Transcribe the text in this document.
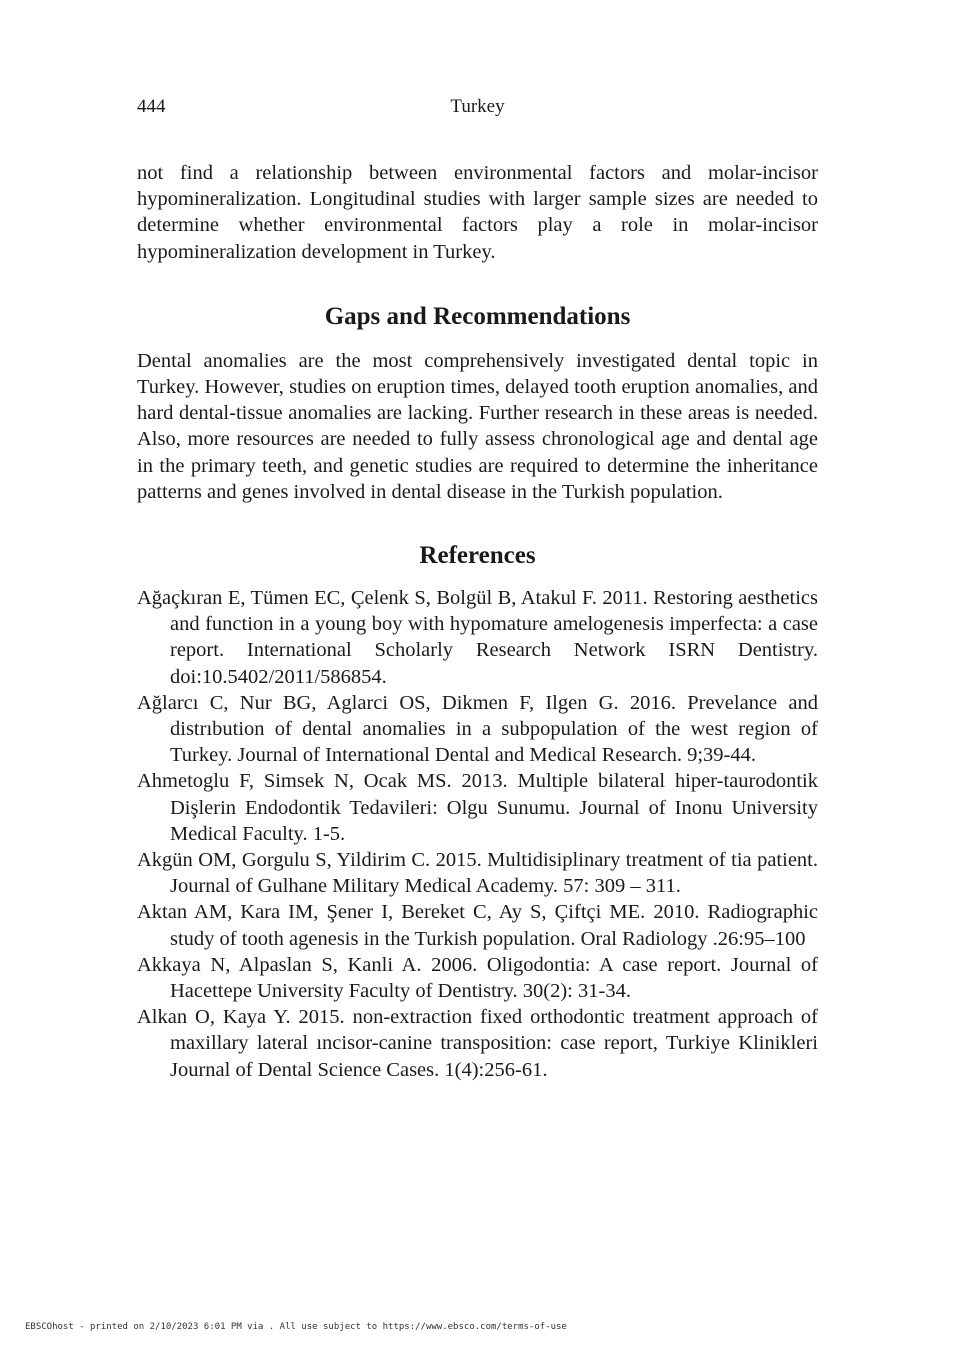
444	Turkey

not find a relationship between environmental factors and molar-incisor hypomineralization. Longitudinal studies with larger sample sizes are needed to determine whether environmental factors play a role in molar-incisor hypomineralization development in Turkey.

Gaps and Recommendations

Dental anomalies are the most comprehensively investigated dental topic in Turkey. However, studies on eruption times, delayed tooth eruption anomalies, and hard dental-tissue anomalies are lacking. Further research in these areas is needed. Also, more resources are needed to fully assess chronological age and dental age in the primary teeth, and genetic studies are required to determine the inheritance patterns and genes involved in dental disease in the Turkish population.

References
Ağaçkıran E, Tümen EC, Çelenk S, Bolgül B, Atakul F. 2011. Restoring aesthetics and function in a young boy with hypomature amelogenesis imperfecta: a case report. International Scholarly Research Network ISRN Dentistry. doi:10.5402/2011/586854.
Ağlarcı C, Nur BG, Aglarci OS, Dikmen F, Ilgen G. 2016. Prevelance and distrıbution of dental anomalies in a subpopulation of the west region of Turkey. Journal of International Dental and Medical Research. 9;39-44.
Ahmetoglu F, Simsek N, Ocak MS. 2013. Multiple bilateral hiper-taurodontik Dişlerin Endodontik Tedavileri: Olgu Sunumu. Journal of Inonu University Medical Faculty. 1-5.
Akgün OM, Gorgulu S, Yildirim C. 2015. Multidisiplinary treatment of tia patient. Journal of Gulhane Military Medical Academy. 57: 309 – 311.
Aktan AM, Kara IM, Şener I, Bereket C, Ay S, Çiftçi ME. 2010. Radiographic study of tooth agenesis in the Turkish population. Oral Radiology .26:95–100
Akkaya N, Alpaslan S, Kanli A. 2006. Oligodontia: A case report. Journal of Hacettepe University Faculty of Dentistry. 30(2): 31-34.
Alkan O, Kaya Y. 2015. non-extraction fixed orthodontic treatment approach of maxillary lateral ıncisor-canine transposition: case report, Turkiye Klinikleri Journal of Dental Science Cases. 1(4):256-61.
EBSCOhost - printed on 2/10/2023 6:01 PM via . All use subject to https://www.ebsco.com/terms-of-use
